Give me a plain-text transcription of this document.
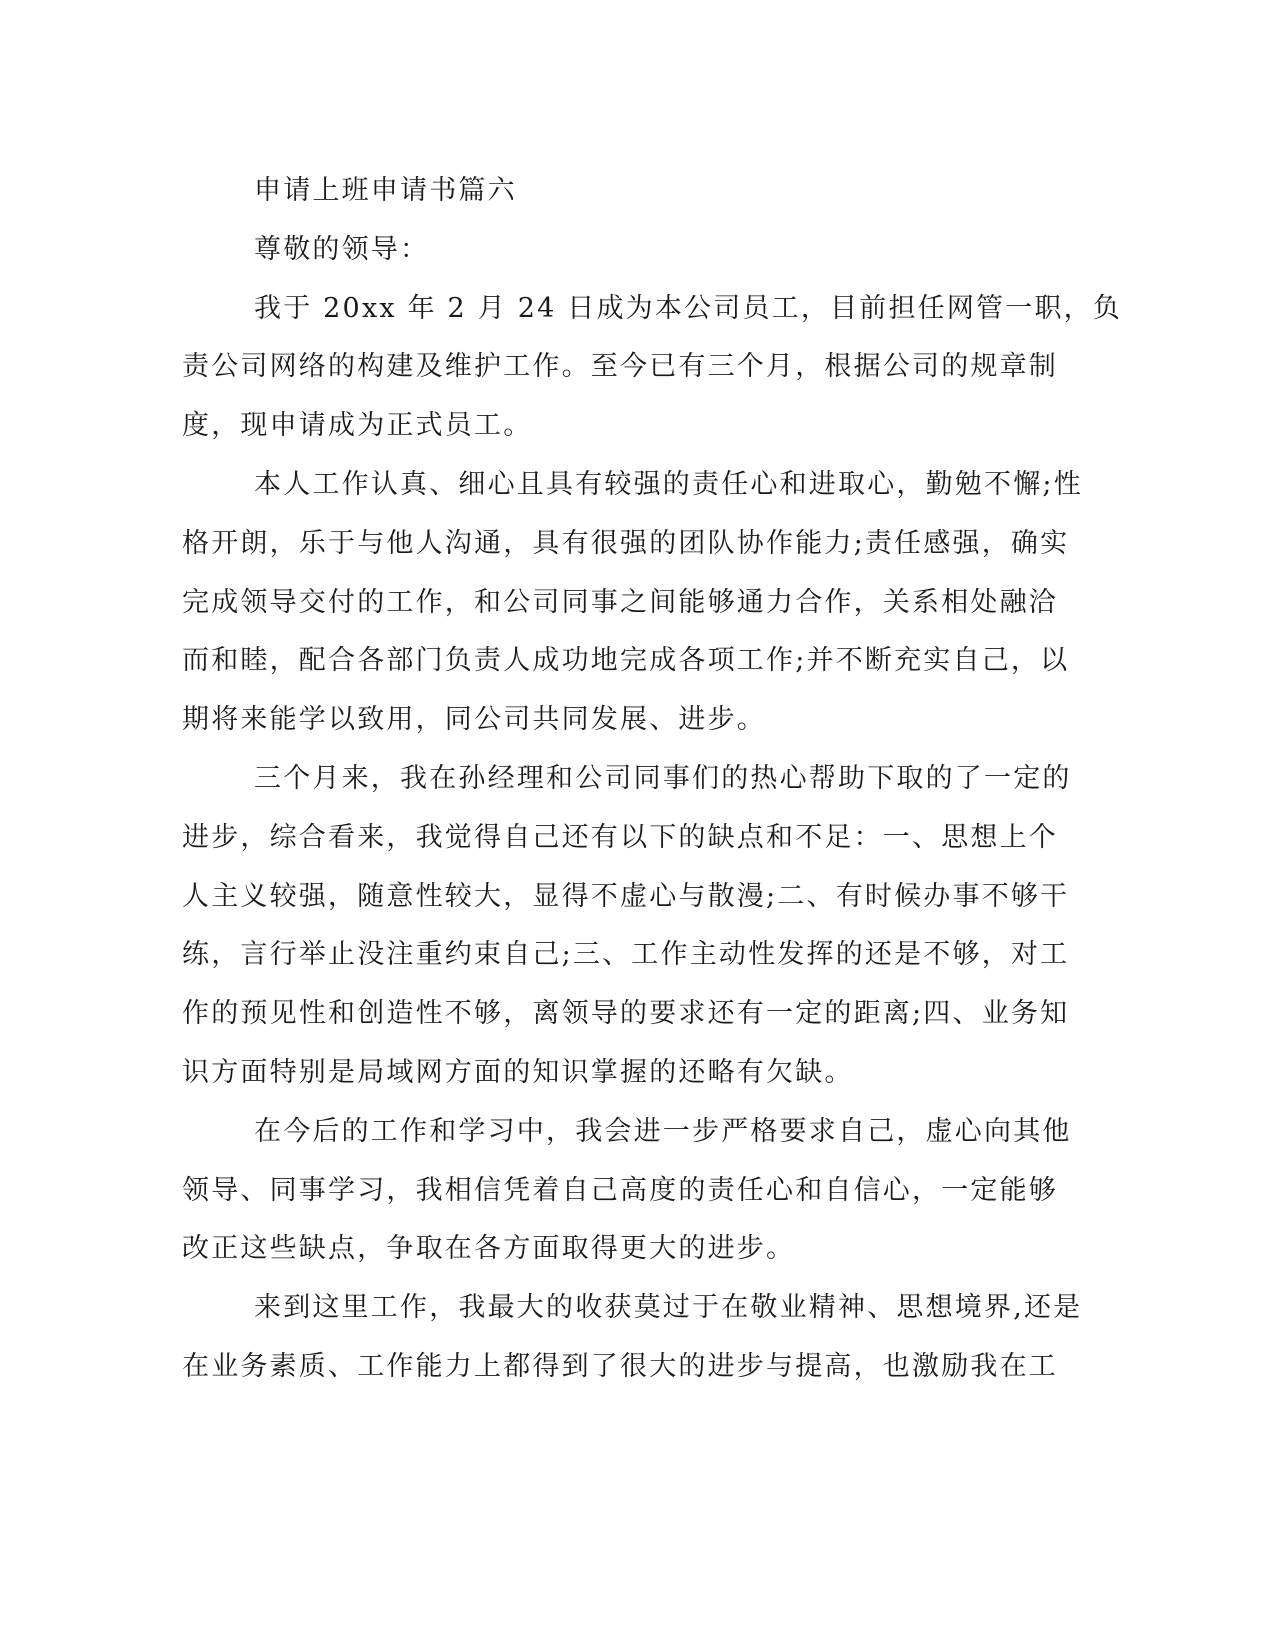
申请上班申请书篇六
尊敬的领导：
我于 20xx 年 2 月 24 日成为本公司员工，目前担任网管一职，负
责公司网络的构建及维护工作。至今已有三个月，根据公司的规章制
度，现申请成为正式员工。
本人工作认真、细心且具有较强的责任心和进取心，勤勉不懈;性
格开朗，乐于与他人沟通，具有很强的团队协作能力;责任感强，确实
完成领导交付的工作，和公司同事之间能够通力合作，关系相处融洽
而和睦，配合各部门负责人成功地完成各项工作;并不断充实自己，以
期将来能学以致用，同公司共同发展、进步。
三个月来，我在孙经理和公司同事们的热心帮助下取的了一定的
进步，综合看来，我觉得自己还有以下的缺点和不足：一、思想上个
人主义较强，随意性较大，显得不虚心与散漫;二、有时候办事不够干
练，言行举止没注重约束自己;三、工作主动性发挥的还是不够，对工
作的预见性和创造性不够，离领导的要求还有一定的距离;四、业务知
识方面特别是局域网方面的知识掌握的还略有欠缺。
在今后的工作和学习中，我会进一步严格要求自己，虚心向其他
领导、同事学习，我相信凭着自己高度的责任心和自信心，一定能够
改正这些缺点，争取在各方面取得更大的进步。
来到这里工作，我最大的收获莫过于在敬业精神、思想境界,还是
在业务素质、工作能力上都得到了很大的进步与提高，也激励我在工
